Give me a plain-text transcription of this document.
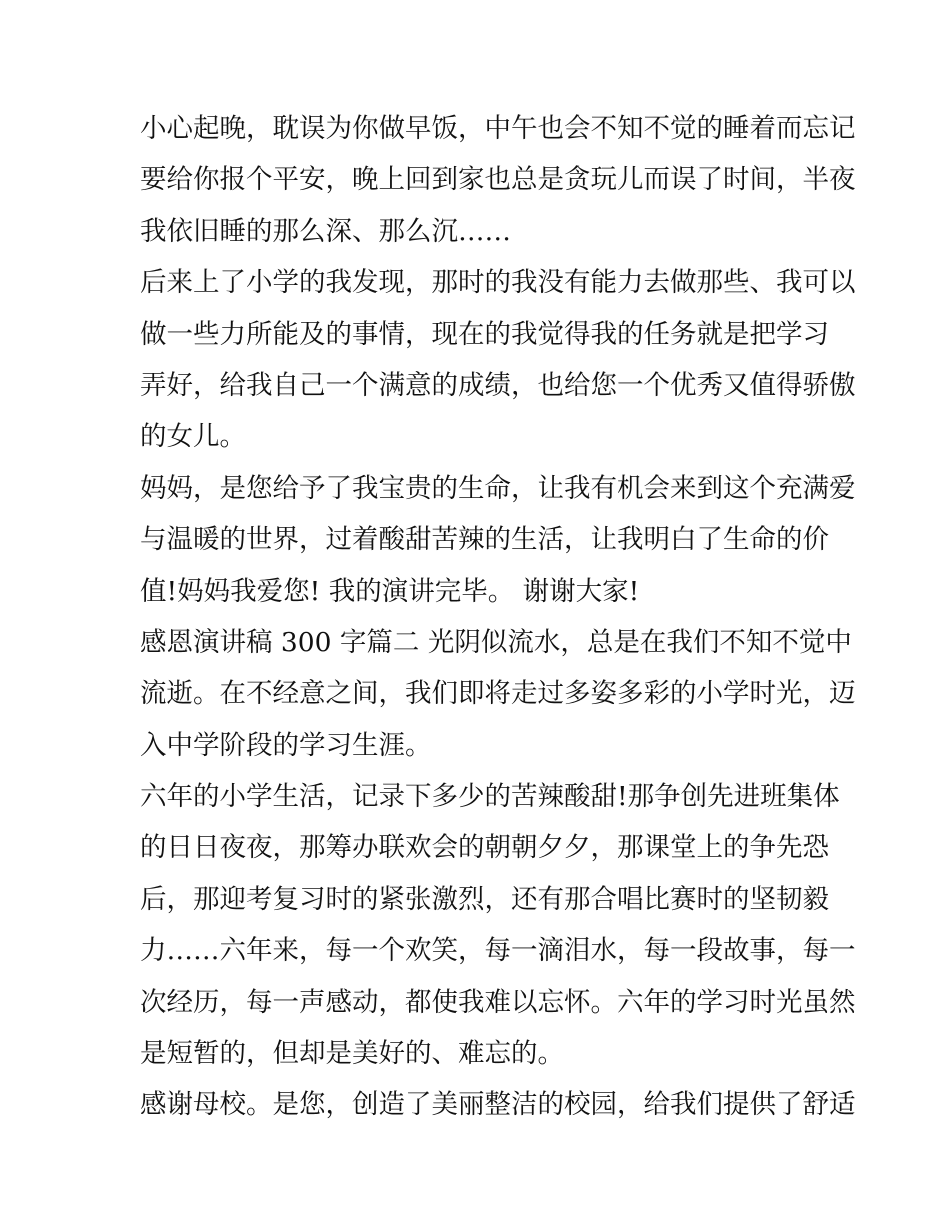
小心起晚，耽误为你做早饭，中午也会不知不觉的睡着而忘记
要给你报个平安，晚上回到家也总是贪玩儿而误了时间，半夜
我依旧睡的那么深、那么沉……
后来上了小学的我发现，那时的我没有能力去做那些、我可以
做一些力所能及的事情，现在的我觉得我的任务就是把学习
弄好，给我自己一个满意的成绩，也给您一个优秀又值得骄傲
的女儿。
妈妈，是您给予了我宝贵的生命，让我有机会来到这个充满爱
与温暖的世界，过着酸甜苦辣的生活，让我明白了生命的价
值!妈妈我爱您! 我的演讲完毕。 谢谢大家!
感恩演讲稿 300 字篇二 光阴似流水，总是在我们不知不觉中
流逝。在不经意之间，我们即将走过多姿多彩的小学时光，迈
入中学阶段的学习生涯。
六年的小学生活，记录下多少的苦辣酸甜!那争创先进班集体
的日日夜夜，那筹办联欢会的朝朝夕夕，那课堂上的争先恐
后，那迎考复习时的紧张激烈，还有那合唱比赛时的坚韧毅
力……六年来，每一个欢笑，每一滴泪水，每一段故事，每一
次经历，每一声感动，都使我难以忘怀。六年的学习时光虽然
是短暂的，但却是美好的、难忘的。
感谢母校。是您，创造了美丽整洁的校园，给我们提供了舒适
